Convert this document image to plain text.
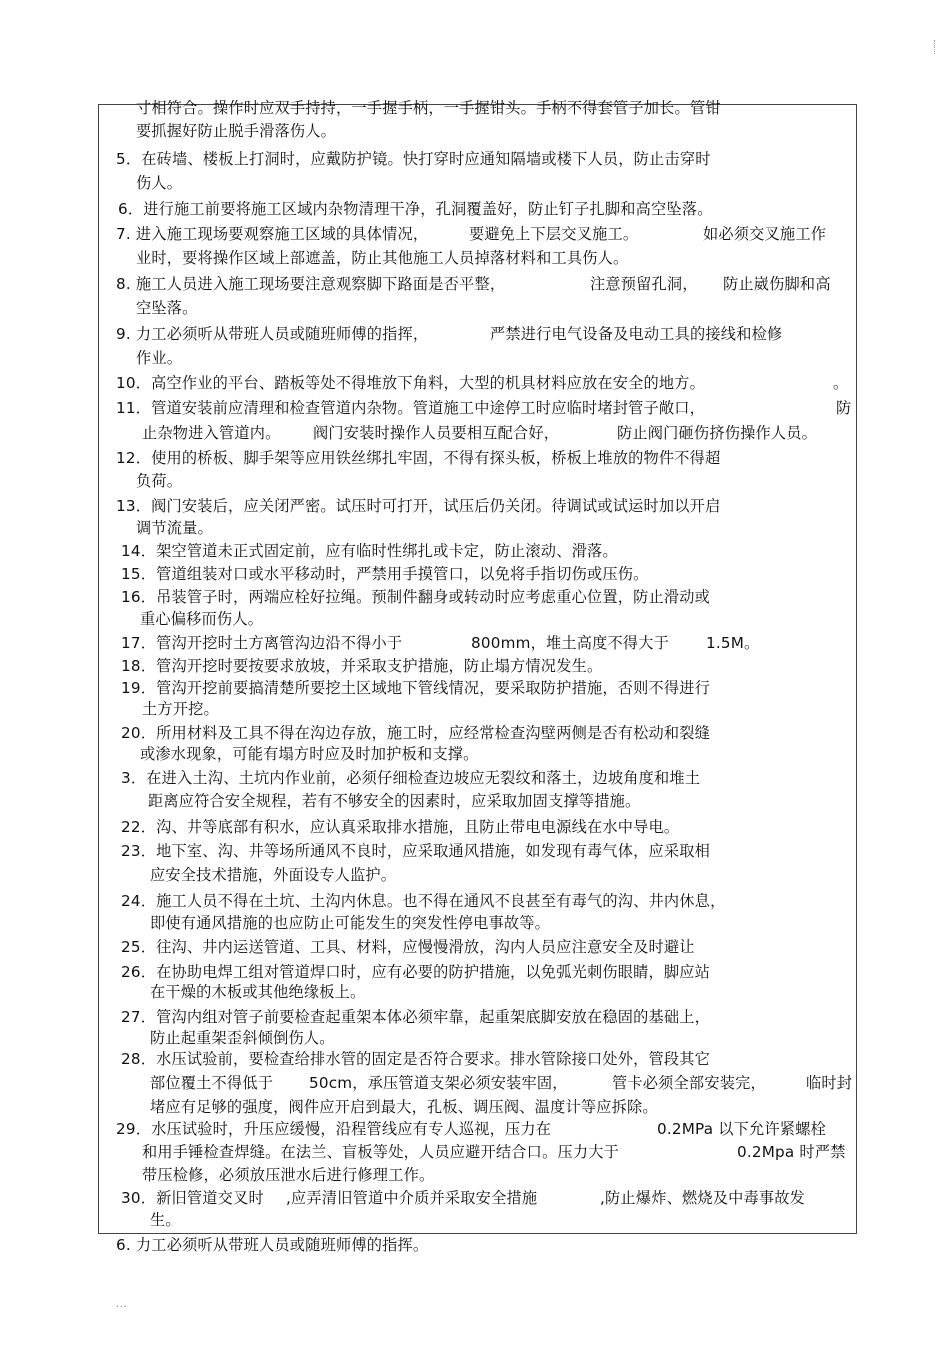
寸相符合。操作时应双手持持，一手握手柄，一手握钳头。手柄不得套管子加长。管钳
要抓握好防止脱手滑落伤人。
5．在砖墙、楼板上打洞时，应戴防护镜。快打穿时应通知隔墙或楼下人员，防止击穿时
伤人。
6．进行施工前要将施工区域内杂物清理干净，孔洞覆盖好，防止钉子扎脚和高空坠落。
7. 进入施工现场要观察施工区域的具体情况，	要避免上下层交叉施工。	如必须交叉施工作
业时，要将操作区域上部遮盖，防止其他施工人员掉落材料和工具伤人。
8. 施工人员进入施工现场要注意观察脚下路面是否平整，	注意预留孔洞， 防止崴伤脚和高
空坠落。
9. 力工必须听从带班人员或随班师傅的指挥，	严禁进行电气设备及电动工具的接线和检修
作业。
10．高空作业的平台、踏板等处不得堆放下角料，大型的机具材料应放在安全的地方。	。
11．管道安装前应清理和检查管道内杂物。管道施工中途停工时应临时堵封管子敞口，	防
止杂物进入管道内。 阀门安装时操作人员要相互配合好，	防止阀门砸伤挤伤操作人员。
12．使用的桥板、脚手架等应用铁丝绑扎牢固，不得有探头板，桥板上堆放的物件不得超
负荷。
13．阀门安装后，应关闭严密。试压时可打开，试压后仍关闭。待调试或试运时加以开启
调节流量。
14．架空管道未正式固定前，应有临时性绑扎或卡定，防止滚动、滑落。
15．管道组装对口或水平移动时，严禁用手摸管口，以免将手指切伤或压伤。
16．吊装管子时，两端应栓好拉绳。预制件翻身或转动时应考虑重心位置，防止滑动或
重心偏移而伤人。
17．管沟开挖时土方离管沟边沿不得小于	800mm，堆土高度不得大于 1.5M。
18．管沟开挖时要按要求放坡，并采取支护措施，防止塌方情况发生。
19．管沟开挖前要搞清楚所要挖土区域地下管线情况，要采取防护措施，否则不得进行
土方开挖。
20．所用材料及工具不得在沟边存放，施工时，应经常检查沟壁两侧是否有松动和裂缝
或渗水现象，可能有塌方时应及时加护板和支撑。
3．在进入土沟、土坑内作业前，必须仔细检查边坡应无裂纹和落土，边坡角度和堆土
距离应符合安全规程，若有不够安全的因素时，应采取加固支撑等措施。
22．沟、井等底部有积水，应认真采取排水措施，且防止带电电源线在水中导电。
23．地下室、沟、井等场所通风不良时，应采取通风措施，如发现有毒气体，应采取相
应安全技术措施，外面设专人监护。
24．施工人员不得在土坑、土沟内休息。也不得在通风不良甚至有毒气的沟、井内休息，
即使有通风措施的也应防止可能发生的突发性停电事故等。
25．往沟、井内运送管道、工具、材料，应慢慢滑放，沟内人员应注意安全及时避让
26．在协助电焊工组对管道焊口时，应有必要的防护措施，以免弧光刺伤眼睛，脚应站
在干燥的木板或其他绝缘板上。
27．管沟内组对管子前要检查起重架本体必须牢靠，起重架底脚安放在稳固的基础上，
防止起重架歪斜倾倒伤人。
28．水压试验前，要检查给排水管的固定是否符合要求。排水管除接口处外，管段其它
部位覆土不得低于 50cm，承压管道支架必须安装牢固，	管卡必须全部安装完，	临时封
堵应有足够的强度，阀件应开启到最大，孔板、调压阀、温度计等应拆除。
29．水压试验时，升压应缓慢，沿程管线应有专人巡视，压力在	0.2MPa 以下允许紧螺栓
和用手锤检查焊缝。在法兰、盲板等处，人员应避开结合口。压力大于	0.2Mpa 时严禁
带压检修，必须放压泄水后进行修理工作。
30．新旧管道交叉时 ,应弄清旧管道中介质并采取安全措施	,防止爆炸、燃烧及中毒事故发
生。
6. 力工必须听从带班人员或随班师傅的指挥。
...
